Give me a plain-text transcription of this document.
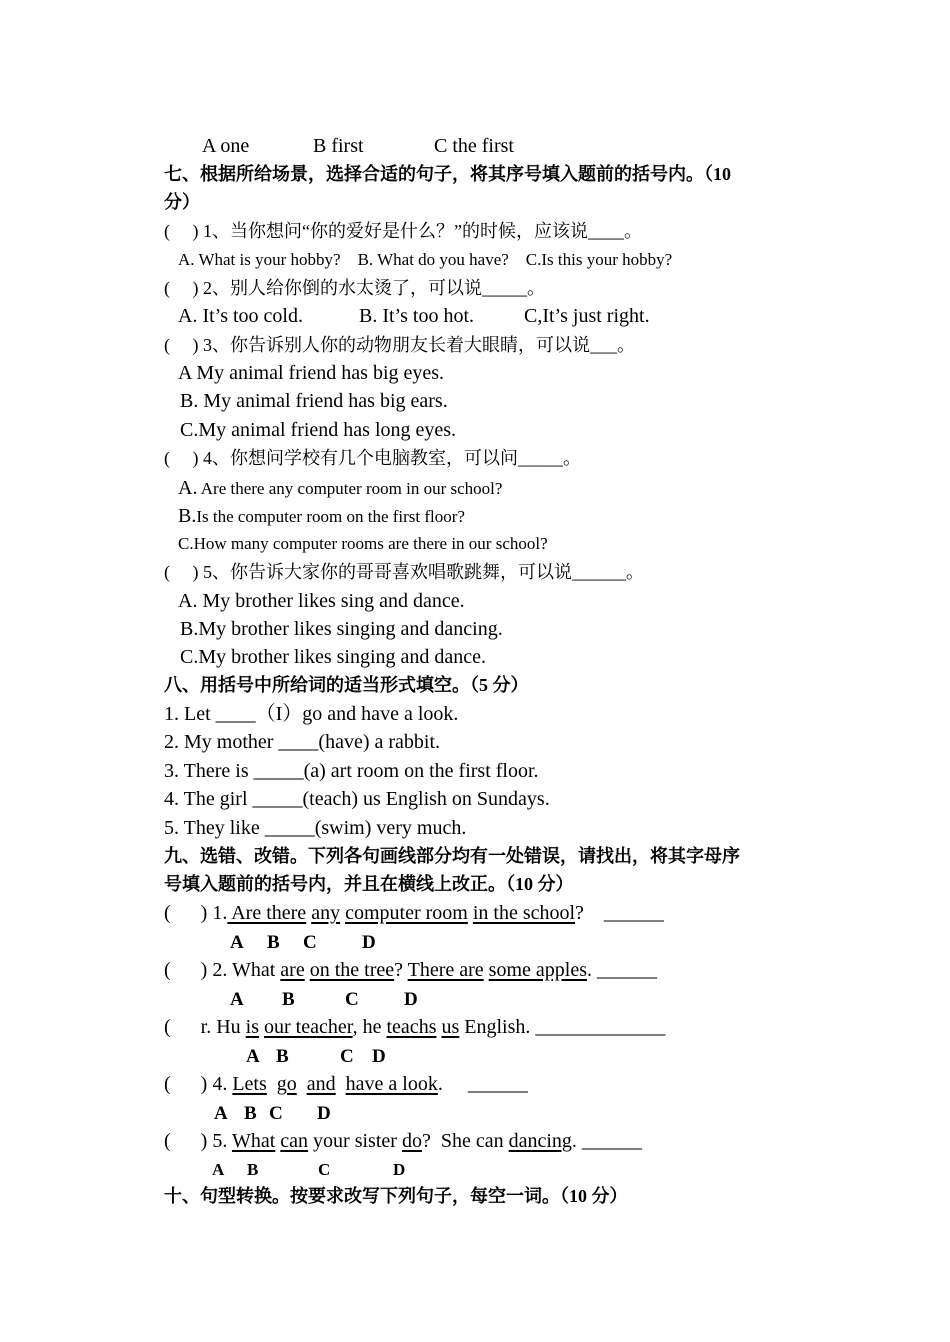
A one	B first	C the first
七、根据所给场景，选择合适的句子，将其序号填入题前的括号内。（10
分）
(     ) 1、当你想问“你的爱好是什么？”的时候，应该说____。
A. What is your hobby?    B. What do you have?    C.Is this your hobby?
(     ) 2、别人给你倒的水太烫了，可以说_____。
A. It’s too cold.	B. It’s too hot. C,It’s just right.
(     ) 3、你告诉别人你的动物朋友长着大眼睛，可以说___。
A My animal friend has big eyes.
B. My animal friend has big ears.
C.My animal friend has long eyes.
(     ) 4、你想问学校有几个电脑教室，可以问_____。
A. Are there any computer room in our school?
B.Is the computer room on the first floor?
C.How many computer rooms are there in our school?
(     ) 5、你告诉大家你的哥哥喜欢唱歌跳舞，可以说______。
A. My brother likes sing and dance.
B.My brother likes singing and dancing.
C.My brother likes singing and dance.
八、用括号中所给词的适当形式填空。（5 分）
1. Let ____（I）go and have a look.
2. My mother ____(have) a rabbit.
3. There is _____(a) art room on the first floor.
4. The girl _____(teach) us English on Sundays.
5. They like _____(swim) very much.
九、选错、改错。下列各句画线部分均有一处错误，请找出，将其字母序
号填入题前的括号内，并且在横线上改正。（10 分）
(      ) 1. Are there any computer room in the school?    ______
A B C D
(      ) 2. What are on the tree? There are some apples. ______
A B	C D
(      r. Hu is our teacher, he teachs us English. _____________
A B	C D
(      ) 4. Lets go and have a look.     ______
A B C D
(      ) 5. What can your sister do?  She can dancing. ______
A B	C	D
十、句型转换。按要求改写下列句子，每空一词。（10 分）
